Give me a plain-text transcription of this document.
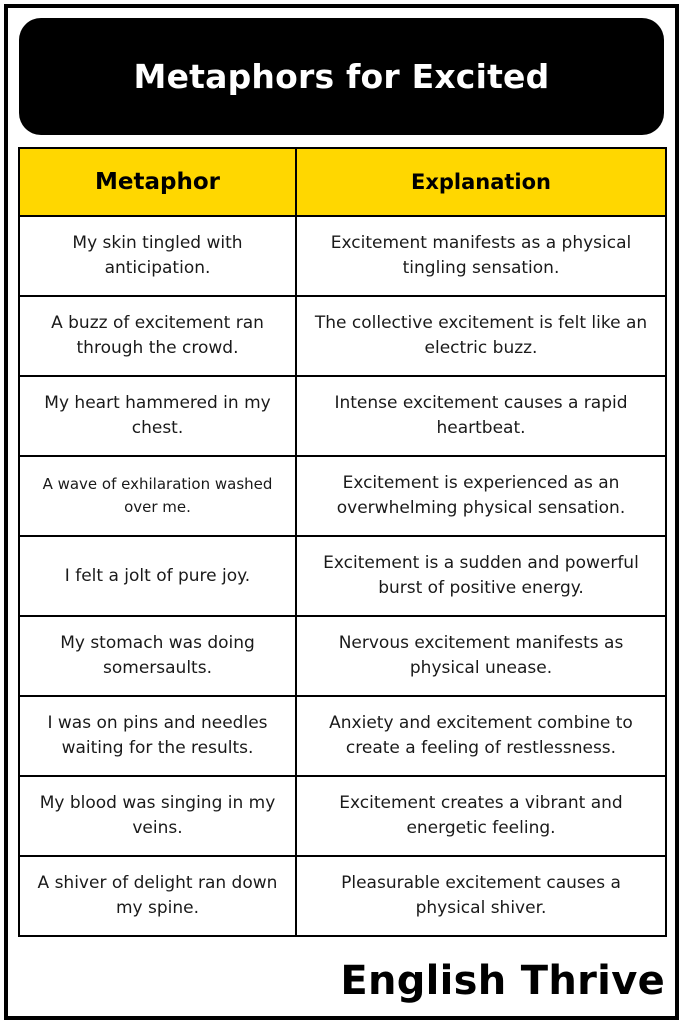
Metaphors for Excited
Metaphor	Explanation
My skin tingled with anticipation.	Excitement manifests as a physical tingling sensation.
A buzz of excitement ran through the crowd.	The collective excitement is felt like an electric buzz.
My heart hammered in my chest.	Intense excitement causes a rapid heartbeat.
A wave of exhilaration washed over me.	Excitement is experienced as an overwhelming physical sensation.
I felt a jolt of pure joy.	Excitement is a sudden and powerful burst of positive energy.
My stomach was doing somersaults.	Nervous excitement manifests as physical unease.
I was on pins and needles waiting for the results.	Anxiety and excitement combine to create a feeling of restlessness.
My blood was singing in my veins.	Excitement creates a vibrant and energetic feeling.
A shiver of delight ran down my spine.	Pleasurable excitement causes a physical shiver.
English Thrive
